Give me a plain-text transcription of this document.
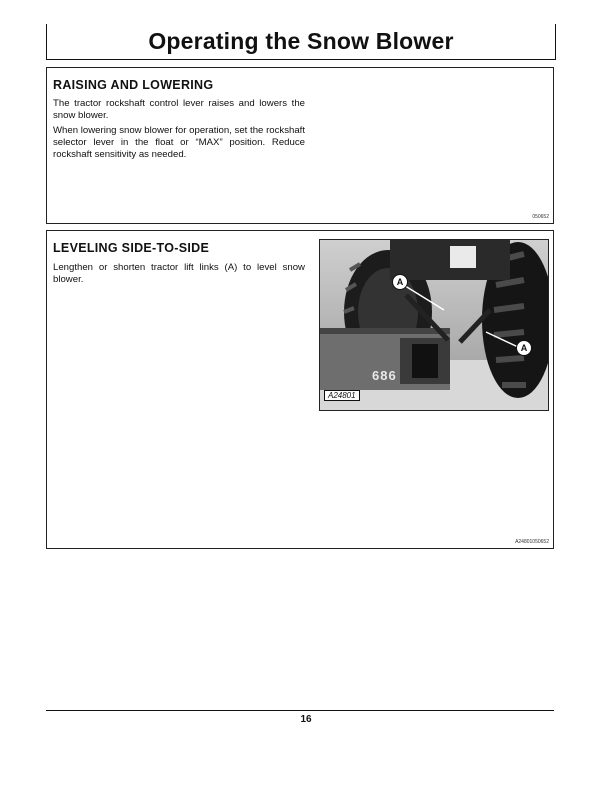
Operating the Snow Blower
RAISING AND LOWERING

The tractor rockshaft control lever raises and lowers the snow blower.

When lowering snow blower for operation, set the rockshaft selector lever in the float or “MAX” position. Reduce rockshaft sensitivity as needed.

050652
LEVELING SIDE-TO-SIDE

Lengthen or shorten tractor lift links (A) to level snow blower.	A
A
686
A24801
A24801050652
16
